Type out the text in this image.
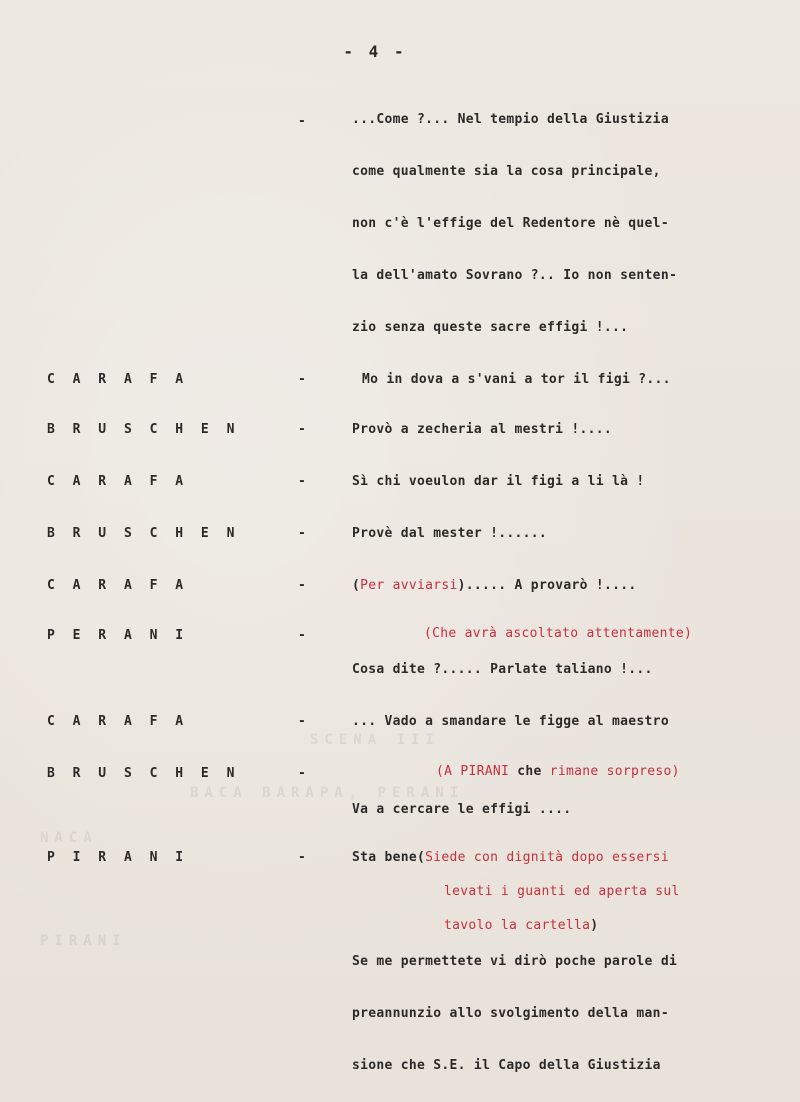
SCENA III
BACA BARAPA, PERANI
NACA
PIRANI
- 4 -
-	...Come ?... Nel tempio della Giustizia
come qualmente sia la cosa principale,
non c'è l'effige del Redentore nè quel-
la dell'amato Sovrano ?.. Io non senten-
zio senza queste sacre effigi !...
C A R A F A	-	Mo in dova a s'vani a tor il figi ?...
B R U S C H E N	-	Provò a zecheria al mestri !....
C A R A F A	-	Sì chi voeulon dar il figi a li là !
B R U S C H E N	-	Provè dal mester !......
C A R A F A	-	(Per avviarsi)..... A provarò !....
P E R A N I	-	(Che avrà ascoltato attentamente)
Cosa dite ?..... Parlate taliano !...
C A R A F A	-	... Vado a smandare le figge al maestro
B R U S C H E N	-	(A PIRANI che rimane sorpreso)
Va a cercare le effigi ....
P I R A N I	-	Sta bene(Siede con dignità dopo essersi
levati i guanti ed aperta sul
tavolo la cartella)
Se me permettete vi dirò poche parole di
preannunzio allo svolgimento della man-
sione che S.E. il Capo della Giustizia
